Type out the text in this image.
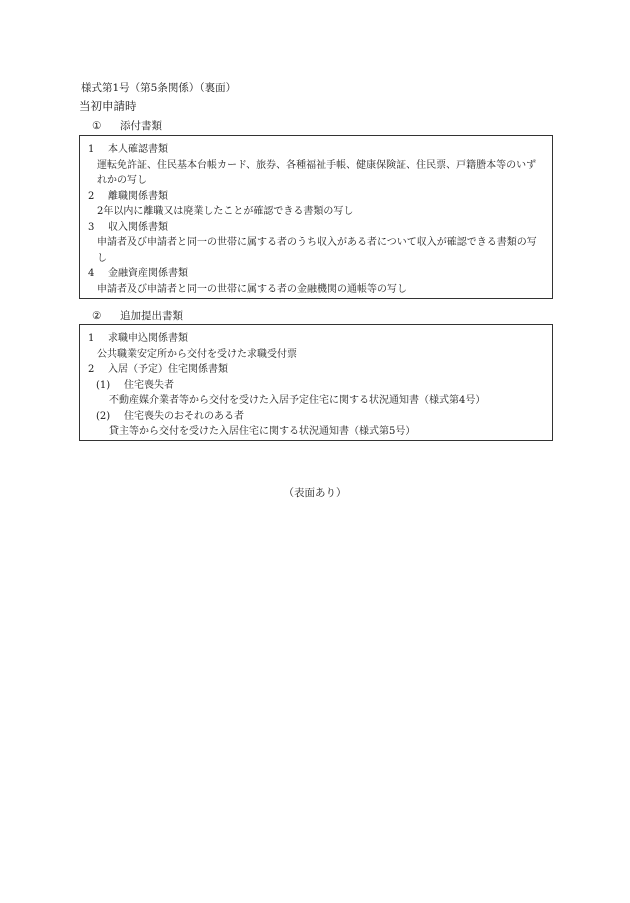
様式第1号（第5条関係）（裏面）
当初申請時
① 添付書類
1 本人確認書類
運転免許証、住民基本台帳カード、旅券、各種福祉手帳、健康保険証、住民票、戸籍謄本等のいずれかの写し
2 離職関係書類
2年以内に離職又は廃業したことが確認できる書類の写し
3 収入関係書類
申請者及び申請者と同一の世帯に属する者のうち収入がある者について収入が確認できる書類の写し
4 金融資産関係書類
申請者及び申請者と同一の世帯に属する者の金融機関の通帳等の写し
② 追加提出書類
1 求職申込関係書類
公共職業安定所から交付を受けた求職受付票
2 入居（予定）住宅関係書類
(1) 住宅喪失者
不動産媒介業者等から交付を受けた入居予定住宅に関する状況通知書（様式第4号）
(2) 住宅喪失のおそれのある者
貸主等から交付を受けた入居住宅に関する状況通知書（様式第5号）
（表面あり）
